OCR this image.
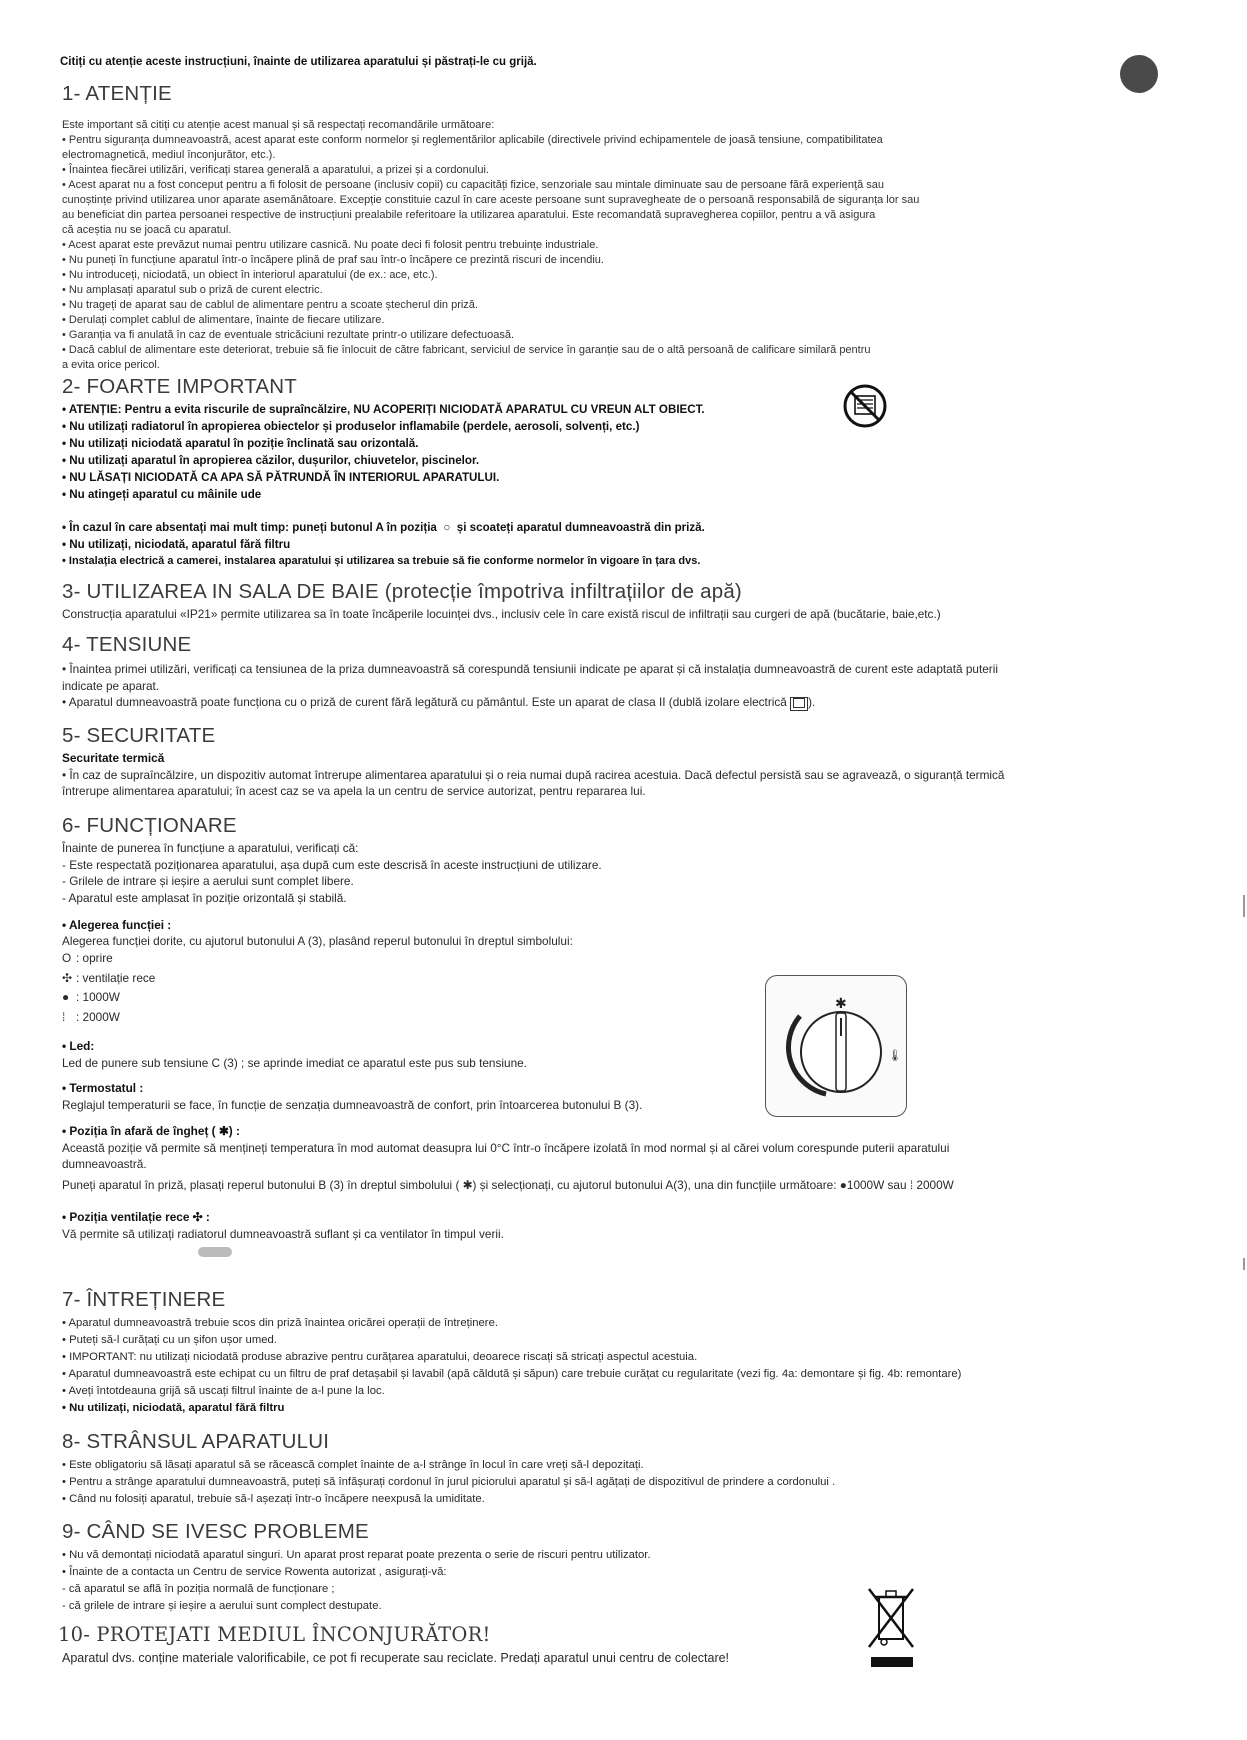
Citiți cu atenție aceste instrucțiuni, înainte de utilizarea aparatului și păstrați-le cu grijă.
1- ATENȚIE
Este important să citiți cu atenție acest manual și să respectați recomandările următoare:
• Pentru siguranța dumneavoastră, acest aparat este conform normelor și reglementărilor aplicabile (directivele privind echipamentele de joasă tensiune, compatibilitatea
electromagnetică, mediul înconjurător, etc.).
• Înaintea fiecărei utilizări, verificați starea generală a aparatului, a prizei și a cordonului.
• Acest aparat nu a fost conceput pentru a fi folosit de persoane (inclusiv copii) cu capacități fizice, senzoriale sau mintale diminuate sau de persoane fără experiență sau
cunoștințe privind utilizarea unor aparate asemănătoare. Excepție constituie cazul în care aceste persoane sunt supravegheate de o persoană responsabilă de siguranța lor sau
au beneficiat din partea persoanei respective de instrucțiuni prealabile referitoare la utilizarea aparatului. Este recomandată supravegherea copiilor, pentru a vă asigura
că aceștia nu se joacă cu aparatul.
• Acest aparat este prevăzut numai pentru utilizare casnică. Nu poate deci fi folosit pentru trebuințe industriale.
• Nu puneți în funcțiune aparatul într-o încăpere plină de praf sau într-o încăpere ce prezintă riscuri de incendiu.
• Nu introduceți, niciodată, un obiect în interiorul aparatului (de ex.: ace, etc.).
• Nu amplasați aparatul sub o priză de curent electric.
• Nu trageți de aparat sau de cablul de alimentare pentru a scoate ștecherul din priză.
• Derulați complet cablul de alimentare, înainte de fiecare utilizare.
• Garanția va fi anulată în caz de eventuale stricăciuni rezultate printr-o utilizare defectuoasă.
• Dacă cablul de alimentare este deteriorat, trebuie să fie înlocuit de către fabricant, serviciul de service în garanție sau de o altă persoană de calificare similară pentru
a evita orice pericol.
2- FOARTE IMPORTANT
• ATENȚIE: Pentru a evita riscurile de supraîncălzire, NU ACOPERIȚI NICIODATĂ APARATUL CU VREUN ALT OBIECT.
• Nu utilizați radiatorul în apropierea obiectelor și produselor inflamabile (perdele, aerosoli, solvenți, etc.)
• Nu utilizați niciodată aparatul în poziție înclinată sau orizontală.
• Nu utilizați aparatul în apropierea căzilor, dușurilor, chiuvetelor, piscinelor.
• NU LĂSAȚI NICIODATĂ CA APA SĂ PĂTRUNDĂ ÎN INTERIORUL APARATULUI.
• Nu atingeți aparatul cu mâinile ude
• În cazul în care absentați mai mult timp: puneți butonul A în poziția ○ și scoateți aparatul dumneavoastră din priză.
• Nu utilizați, niciodată, aparatul fără filtru
• Instalația electrică a camerei, instalarea aparatului și utilizarea sa trebuie să fie conforme normelor în vigoare în țara dvs.
3- UTILIZAREA IN SALA DE BAIE (protecție împotriva infiltrațiilor de apă)
Construcția aparatului «IP21» permite utilizarea sa în toate încăperile locuinței dvs., inclusiv cele în care există riscul de infiltrații sau curgeri de apă (bucătarie, baie,etc.)
4- TENSIUNE
• Înaintea primei utilizări, verificați ca tensiunea de la priza dumneavoastră să corespundă tensiunii indicate pe aparat și că instalația dumneavoastră de curent este adaptată puterii
indicate pe aparat.
• Aparatul dumneavoastră poate funcționa cu o priză de curent fără legătură cu pământul. Este un aparat de clasa II (dublă izolare electrică ).
5- SECURITATE
Securitate termică
• În caz de supraîncălzire, un dispozitiv automat întrerupe alimentarea aparatului și o reia numai după racirea acestuia. Dacă defectul persistă sau se agravează, o siguranță termică
întrerupe alimentarea aparatului; în acest caz se va apela la un centru de service autorizat, pentru repararea lui.
6- FUNCȚIONARE
Înainte de punerea în funcțiune a aparatului, verificați că:
- Este respectată poziționarea aparatului, așa după cum este descrisă în aceste instrucțiuni de utilizare.
- Grilele de intrare și ieșire a aerului sunt complet libere.
- Aparatul este amplasat în poziție orizontală și stabilă.
• Alegerea funcției :
Alegerea funcției dorite, cu ajutorul butonului A (3), plasând reperul butonului în dreptul simbolului:
O : oprire
✣ : ventilație rece
● : 1000W
⁞ : 2000W
• Led:
Led de punere sub tensiune C (3) ; se aprinde imediat ce aparatul este pus sub tensiune.
• Termostatul :
Reglajul temperaturii se face, în funcție de senzația dumneavoastră de confort, prin întoarcerea butonului B (3).
✱
🌡
• Poziția în afară de îngheț ( ✱) :
Această poziție vă permite să mențineți temperatura în mod automat deasupra lui 0°C într-o încăpere izolată în mod normal și al cărei volum corespunde puterii aparatului
dumneavoastră.
Puneți aparatul în priză, plasați reperul butonului B (3) în dreptul simbolului ( ✱) și selecționați, cu ajutorul butonului A(3), una din funcțiile următoare: ●1000W sau ⁞ 2000W
• Poziția ventilație rece ✣ :
Vă permite să utilizați radiatorul dumneavoastră suflant și ca ventilator în timpul verii.
7- ÎNTREȚINERE
• Aparatul dumneavoastră trebuie scos din priză înaintea oricărei operații de întreținere.
• Puteți să-l curățați cu un șifon ușor umed.
• IMPORTANT: nu utilizați niciodată produse abrazive pentru curățarea aparatului, deoarece riscați să stricați aspectul acestuia.
• Aparatul dumneavoastră este echipat cu un filtru de praf detașabil și lavabil (apă căldută și săpun) care trebuie curățat cu regularitate (vezi fig. 4a: demontare și fig. 4b: remontare)
• Aveți întotdeauna grijă să uscați filtrul înainte de a-l pune la loc.
• Nu utilizați, niciodată, aparatul fără filtru
8- STRÂNSUL APARATULUI
• Este obligatoriu să lăsați aparatul să se răcească complet înainte de a-l strânge în locul în care vreți să-l depozitați.
• Pentru a strânge aparatului dumneavoastră, puteți să înfășurați cordonul în jurul piciorului aparatul și să-l agățați de dispozitivul de prindere a cordonului .
• Când nu folosiți aparatul, trebuie să-l așezați într-o încăpere neexpusă la umiditate.
9- CÂND SE IVESC PROBLEME
• Nu vă demontați niciodată aparatul singuri. Un aparat prost reparat poate prezenta o serie de riscuri pentru utilizator.
• Înainte de a contacta un Centru de service Rowenta autorizat , asigurați-vă:
- că aparatul se află în poziția normală de funcționare ;
- că grilele de intrare și ieșire a aerului sunt complect destupate.
10- PROTEJATI MEDIUL ÎNCONJURĂTOR!
Aparatul dvs. conține materiale valorificabile, ce pot fi recuperate sau reciclate. Predați aparatul unui centru de colectare!
